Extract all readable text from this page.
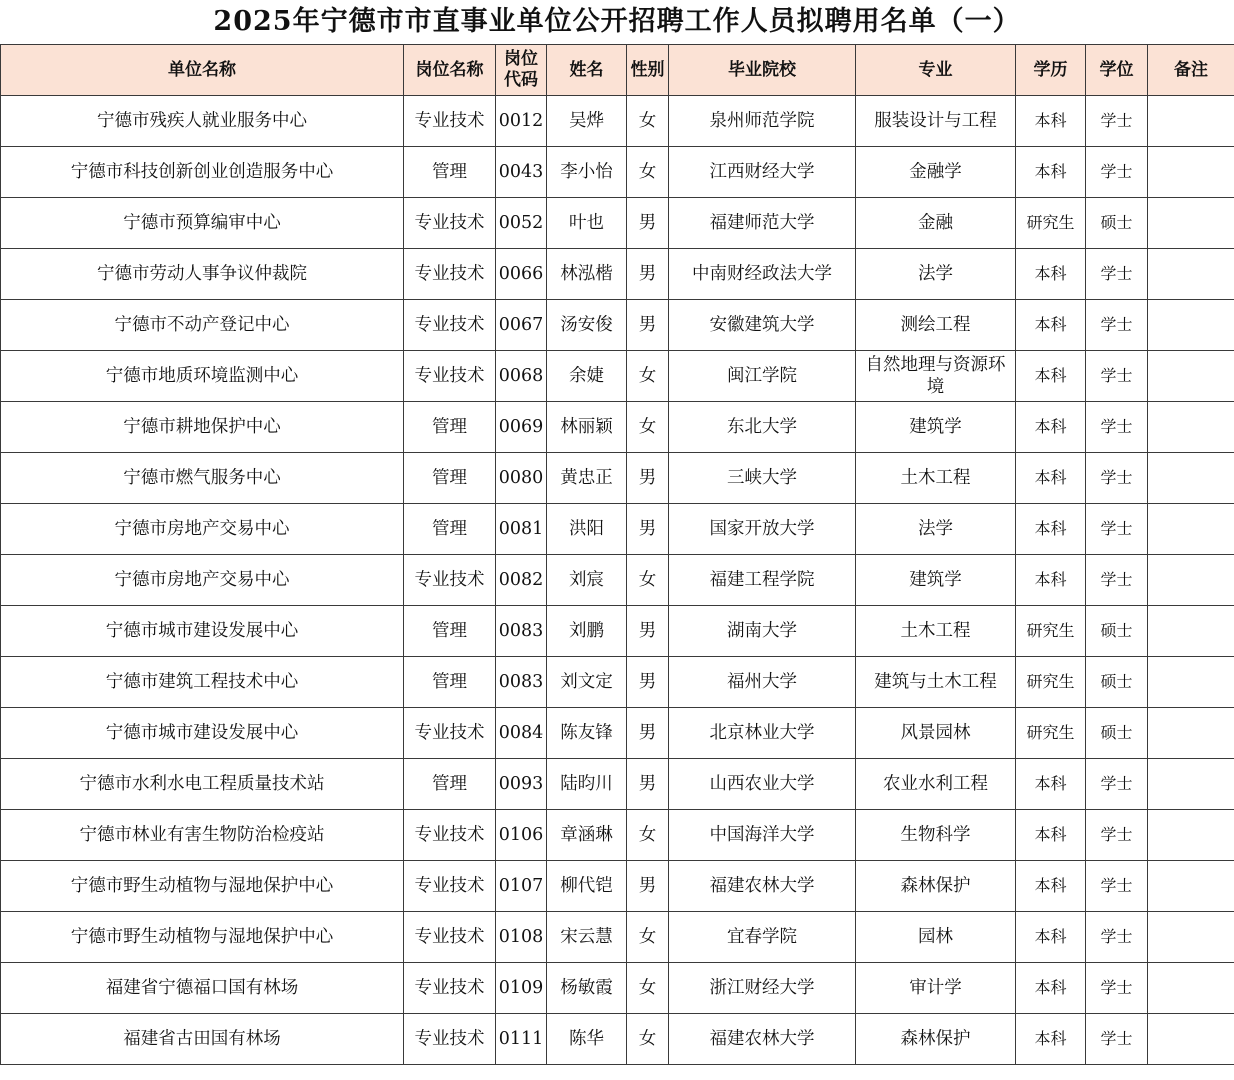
2025年宁德市市直事业单位公开招聘工作人员拟聘用名单（一）
单位名称	岗位名称	岗位代码	姓名	性别	毕业院校	专业	学历	学位	备注
宁德市残疾人就业服务中心	专业技术	0012	吴烨	女	泉州师范学院	服装设计与工程	本科	学士	
宁德市科技创新创业创造服务中心	管理	0043	李小怡	女	江西财经大学	金融学	本科	学士	
宁德市预算编审中心	专业技术	0052	叶也	男	福建师范大学	金融	研究生	硕士	
宁德市劳动人事争议仲裁院	专业技术	0066	林泓楷	男	中南财经政法大学	法学	本科	学士	
宁德市不动产登记中心	专业技术	0067	汤安俊	男	安徽建筑大学	测绘工程	本科	学士	
宁德市地质环境监测中心	专业技术	0068	余婕	女	闽江学院	自然地理与资源环境	本科	学士	
宁德市耕地保护中心	管理	0069	林丽颖	女	东北大学	建筑学	本科	学士	
宁德市燃气服务中心	管理	0080	黄忠正	男	三峡大学	土木工程	本科	学士	
宁德市房地产交易中心	管理	0081	洪阳	男	国家开放大学	法学	本科	学士	
宁德市房地产交易中心	专业技术	0082	刘宸	女	福建工程学院	建筑学	本科	学士	
宁德市城市建设发展中心	管理	0083	刘鹏	男	湖南大学	土木工程	研究生	硕士	
宁德市建筑工程技术中心	管理	0083	刘文定	男	福州大学	建筑与土木工程	研究生	硕士	
宁德市城市建设发展中心	专业技术	0084	陈友锋	男	北京林业大学	风景园林	研究生	硕士	
宁德市水利水电工程质量技术站	管理	0093	陆昀川	男	山西农业大学	农业水利工程	本科	学士	
宁德市林业有害生物防治检疫站	专业技术	0106	章涵琳	女	中国海洋大学	生物科学	本科	学士	
宁德市野生动植物与湿地保护中心	专业技术	0107	柳代铠	男	福建农林大学	森林保护	本科	学士	
宁德市野生动植物与湿地保护中心	专业技术	0108	宋云慧	女	宜春学院	园林	本科	学士	
福建省宁德福口国有林场	专业技术	0109	杨敏霞	女	浙江财经大学	审计学	本科	学士	
福建省古田国有林场	专业技术	0111	陈华	女	福建农林大学	森林保护	本科	学士	
